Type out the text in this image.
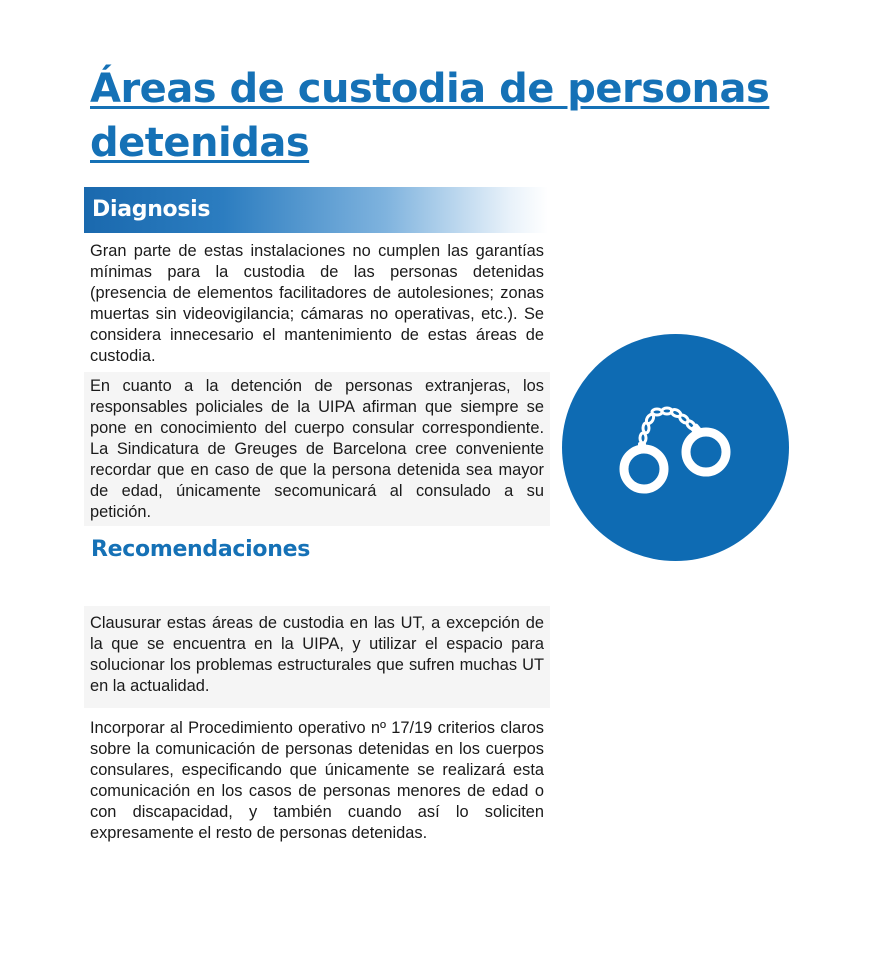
Áreas de custodia de personas detenidas
Diagnosis
Gran parte de estas instalaciones no cumplen las garantías mínimas para la custodia de las personas detenidas (presencia de elementos facilitadores de autolesiones; zonas muertas sin videovigilancia; cámaras no operativas, etc.). Se considera innecesario el mantenimiento de estas áreas de custodia.
En cuanto a la detención de personas extranjeras, los responsables policiales de la UIPA afirman que siempre se pone en conocimiento del cuerpo consular correspondiente. La Sindicatura de Greuges de Barcelona cree conveniente recordar que en caso de que la persona detenida sea mayor de edad, únicamente secomunicará al consulado a su petición.
Recomendaciones
Clausurar estas áreas de custodia en las UT, a excepción de la que se encuentra en la UIPA, y utilizar el espacio para solucionar los problemas estructurales que sufren muchas UT en la actualidad.
Incorporar al Procedimiento operativo nº 17/19 criterios claros sobre la comunicación de personas detenidas en los cuerpos consulares, especificando que únicamente se realizará esta comunicación en los casos de personas menores de edad o con discapacidad, y también cuando así lo soliciten expresamente el resto de personas detenidas.
